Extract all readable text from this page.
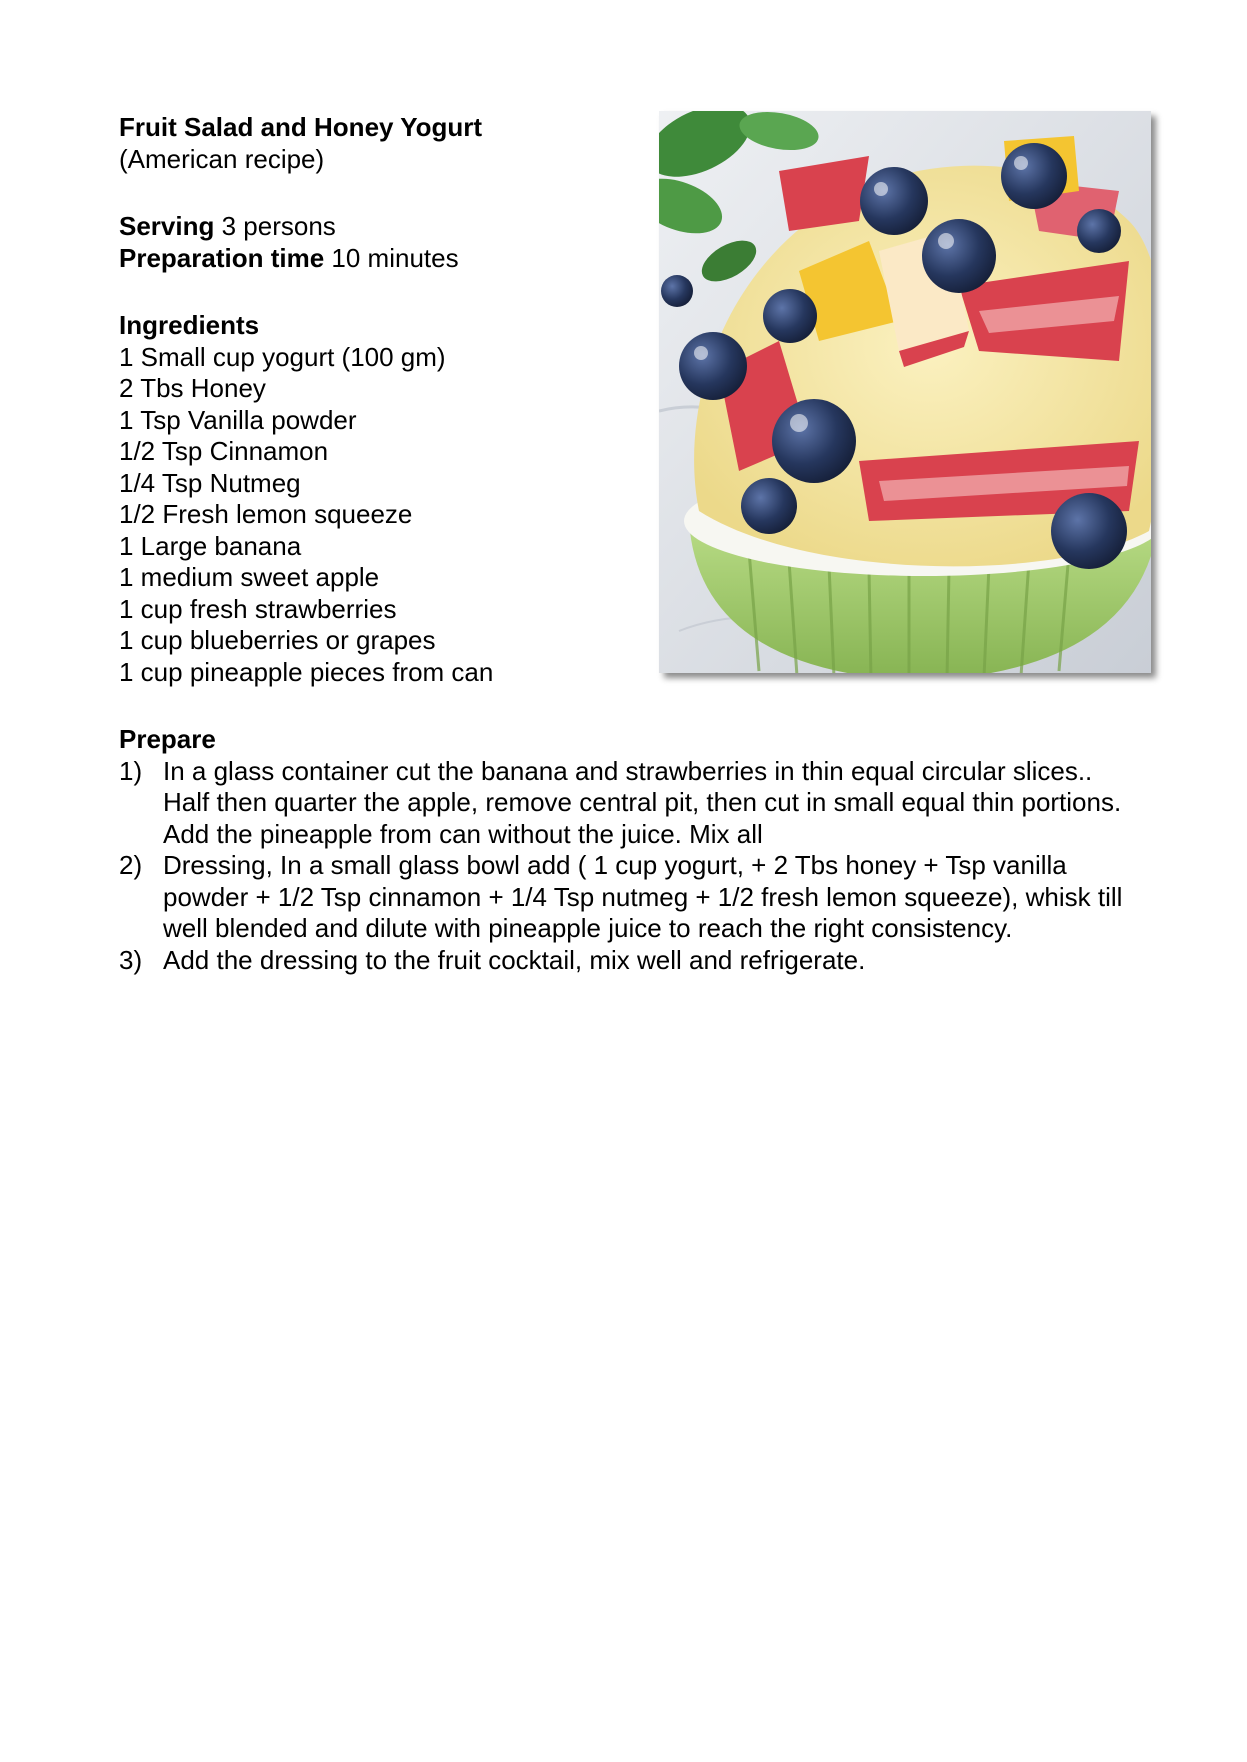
Fruit Salad and Honey Yogurt
(American recipe)
Serving 3 persons
Preparation time 10 minutes
Ingredients
1 Small cup yogurt (100 gm)
2 Tbs Honey
1 Tsp Vanilla powder
1/2 Tsp Cinnamon
1/4 Tsp Nutmeg
1/2 Fresh lemon squeeze
1 Large banana
1 medium sweet apple
1 cup fresh strawberries
1 cup blueberries or grapes
1 cup pineapple pieces from can
Prepare
1) In a glass container cut the banana and strawberries in thin equal circular slices.. Half then quarter the apple, remove central pit, then cut in small equal thin portions. Add the pineapple from can without the juice. Mix all
2) Dressing, In a small glass bowl add ( 1 cup yogurt, + 2 Tbs honey + Tsp vanilla powder + 1/2 Tsp cinnamon + 1/4 Tsp nutmeg + 1/2 fresh lemon squeeze), whisk till well blended and dilute with pineapple juice to reach the right consistency.
3) Add the dressing to the fruit cocktail, mix well and refrigerate.
